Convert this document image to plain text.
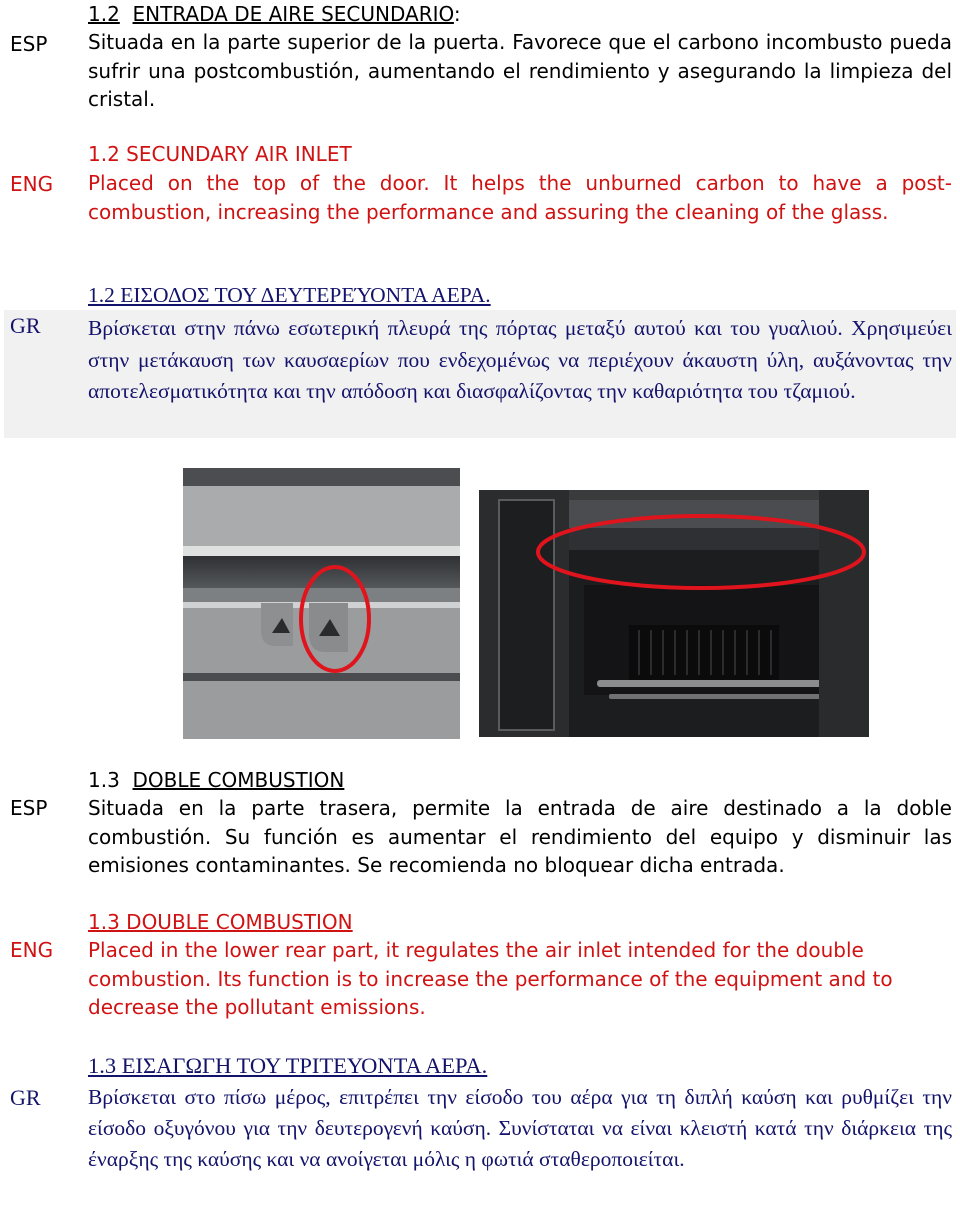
ESP
1.2 ENTRADA DE AIRE SECUNDARIO:

Situada en la parte superior de la puerta. Favorece que el carbono incombusto pueda sufrir una postcombustión, aumentando el rendimiento y asegurando la limpieza del cristal.

ENG
1.2 SECUNDARY AIR INLET

Placed on the top of the door. It helps the unburned carbon to have a post-combustion, increasing the performance and assuring the cleaning of the glass.

GR
1.2 ΕΙΣΟΔΟΣ ΤΟΥ ΔΕΥΤΕΡΕΎΟΝΤΑ ΑΕΡΑ.

Βρίσκεται στην πάνω εσωτερική πλευρά της πόρτας μεταξύ αυτού και του γυαλιού. Χρησιμεύει στην μετάκαυση των καυσαερίων που ενδεχομένως να περιέχουν άκαυστη ύλη, αυξάνοντας την αποτελεσματικότητα και την απόδοση και διασφαλίζοντας την καθαριότητα του τζαμιού.

1.3 DOBLE COMBUSTION
ESP Situada en la parte trasera, permite la entrada de aire destinado a la doble combustión. Su función es aumentar el rendimiento del equipo y disminuir las emisiones contaminantes. Se recomienda no bloquear dicha entrada.

1.3 DOUBLE COMBUSTION
ENG Placed in the lower rear part, it regulates the air inlet intended for the double combustion. Its function is to increase the performance of the equipment and to decrease the pollutant emissions.

1.3 ΕΙΣΑΓΩΓΗ ΤΟΥ ΤΡΙΤΕΥΟΝΤΑ ΑΕΡΑ.
GR Βρίσκεται στο πίσω μέρος, επιτρέπει την είσοδο του αέρα για τη διπλή καύση και ρυθμίζει την είσοδο οξυγόνου για την δευτερογενή καύση. Συνίσταται να είναι κλειστή κατά την διάρκεια της έναρξης της καύσης και να ανοίγεται μόλις η φωτιά σταθεροποιείται.
